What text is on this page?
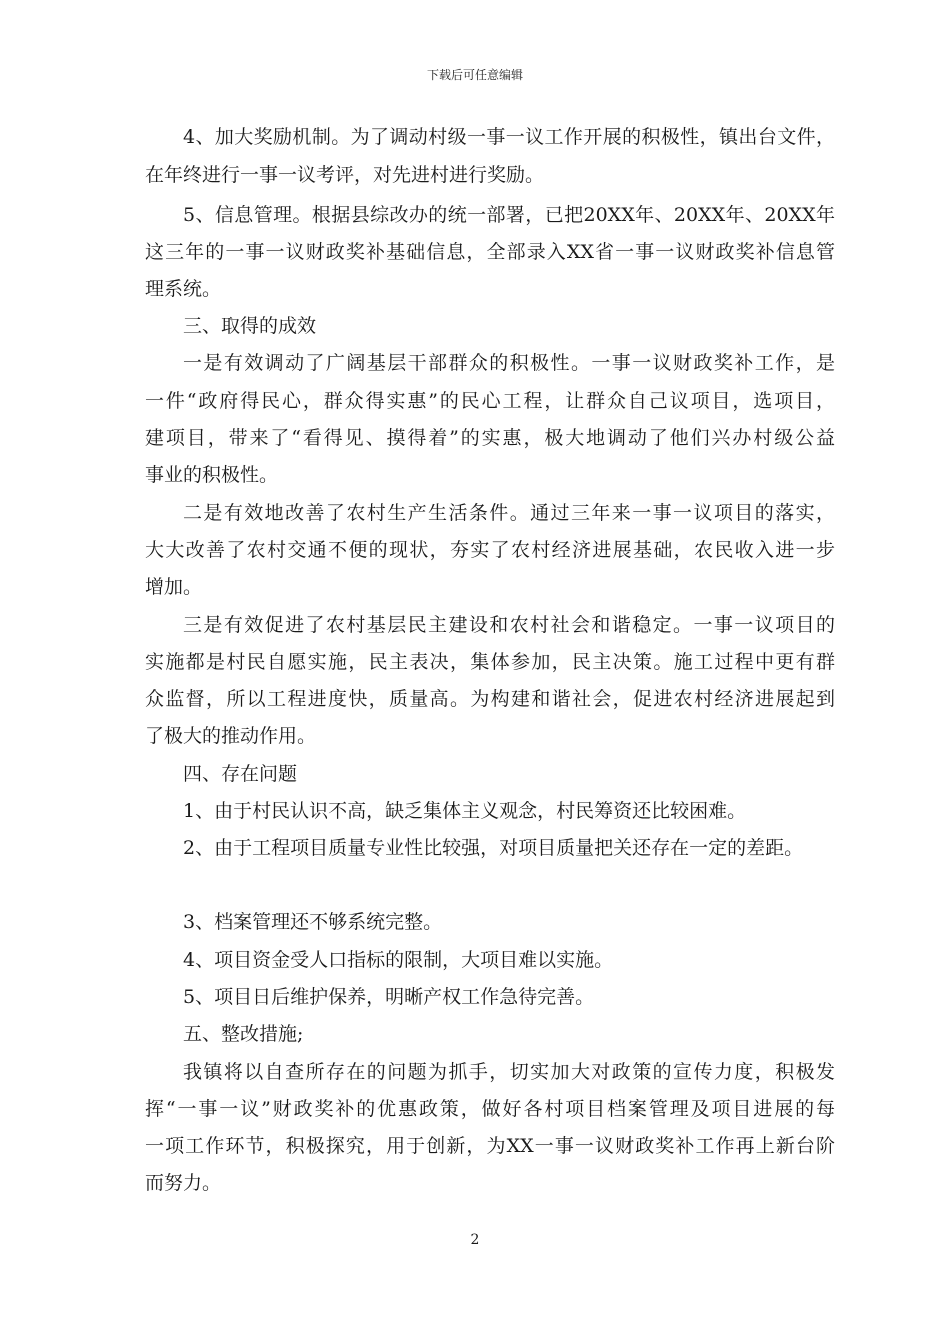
下载后可任意编辑
4、加大奖励机制。为了调动村级一事一议工作开展的积极性，镇出台文件，
在年终进行一事一议考评，对先进村进行奖励。
5、信息管理。根据县综改办的统一部署，已把20XX年、20XX年、20XX年
这三年的一事一议财政奖补基础信息，全部录入XX省一事一议财政奖补信息管
理系统。
三、取得的成效
一是有效调动了广阔基层干部群众的积极性。一事一议财政奖补工作，是
一件“政府得民心，群众得实惠”的民心工程，让群众自己议项目，选项目，
建项目，带来了“看得见、摸得着”的实惠，极大地调动了他们兴办村级公益
事业的积极性。
二是有效地改善了农村生产生活条件。通过三年来一事一议项目的落实，
大大改善了农村交通不便的现状，夯实了农村经济进展基础，农民收入进一步
增加。
三是有效促进了农村基层民主建设和农村社会和谐稳定。一事一议项目的
实施都是村民自愿实施，民主表决，集体参加，民主决策。施工过程中更有群
众监督，所以工程进度快，质量高。为构建和谐社会，促进农村经济进展起到
了极大的推动作用。
四、存在问题
1、由于村民认识不高，缺乏集体主义观念，村民筹资还比较困难。
2、由于工程项目质量专业性比较强，对项目质量把关还存在一定的差距。
3、档案管理还不够系统完整。
4、项目资金受人口指标的限制，大项目难以实施。
5、项目日后维护保养，明晰产权工作急待完善。
五、整改措施;
我镇将以自查所存在的问题为抓手，切实加大对政策的宣传力度，积极发
挥“一事一议”财政奖补的优惠政策，做好各村项目档案管理及项目进展的每
一项工作环节，积极探究，用于创新，为XX一事一议财政奖补工作再上新台阶
而努力。
2
